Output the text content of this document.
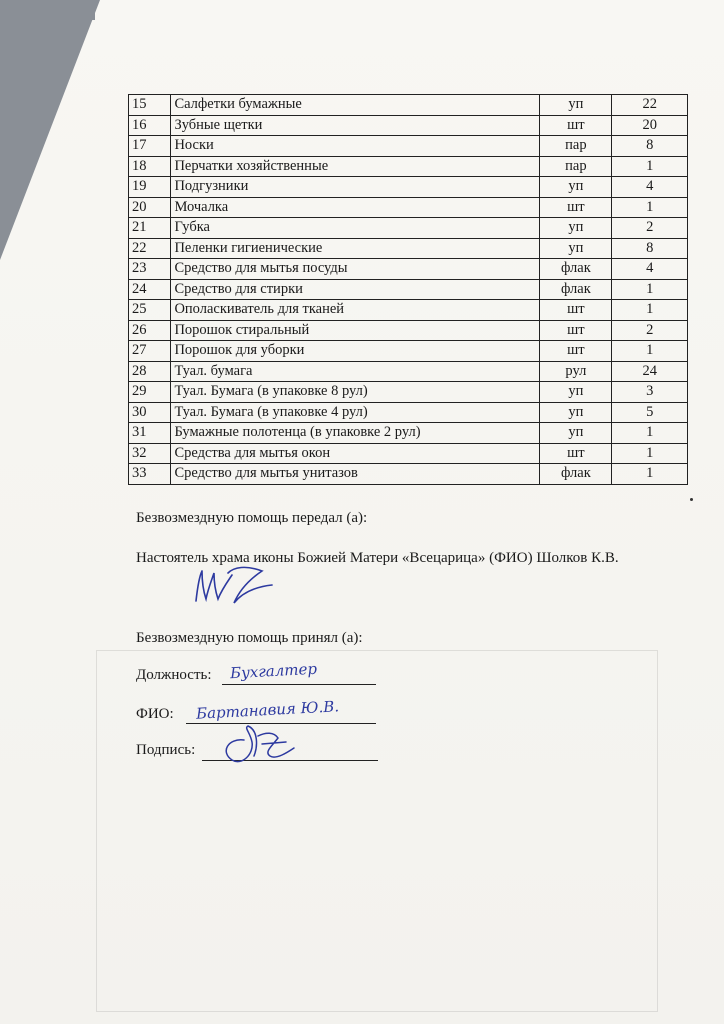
15	Салфетки бумажные	уп	22
16	Зубные щетки	шт	20
17	Носки	пар	8
18	Перчатки хозяйственные	пар	1
19	Подгузники	уп	4
20	Мочалка	шт	1
21	Губка	уп	2
22	Пеленки гигиенические	уп	8
23	Средство для мытья посуды	флак	4
24	Средство для стирки	флак	1
25	Ополаскиватель для тканей	шт	1
26	Порошок стиральный	шт	2
27	Порошок для уборки	шт	1
28	Туал. бумага	рул	24
29	Туал. Бумага (в упаковке 8 рул)	уп	3
30	Туал. Бумага (в упаковке 4 рул)	уп	5
31	Бумажные полотенца (в упаковке 2 рул)	уп	1
32	Средства для мытья окон	шт	1
33	Средство для мытья унитазов	флак	1
Безвозмездную помощь передал (а):
Настоятель храма иконы Божией Матери «Всецарица» (ФИО) Шолков К.В.
Безвозмездную помощь принял (а):
Должность: Бухгалтер
ФИО: Бартанавия Ю.В.
Подпись:
